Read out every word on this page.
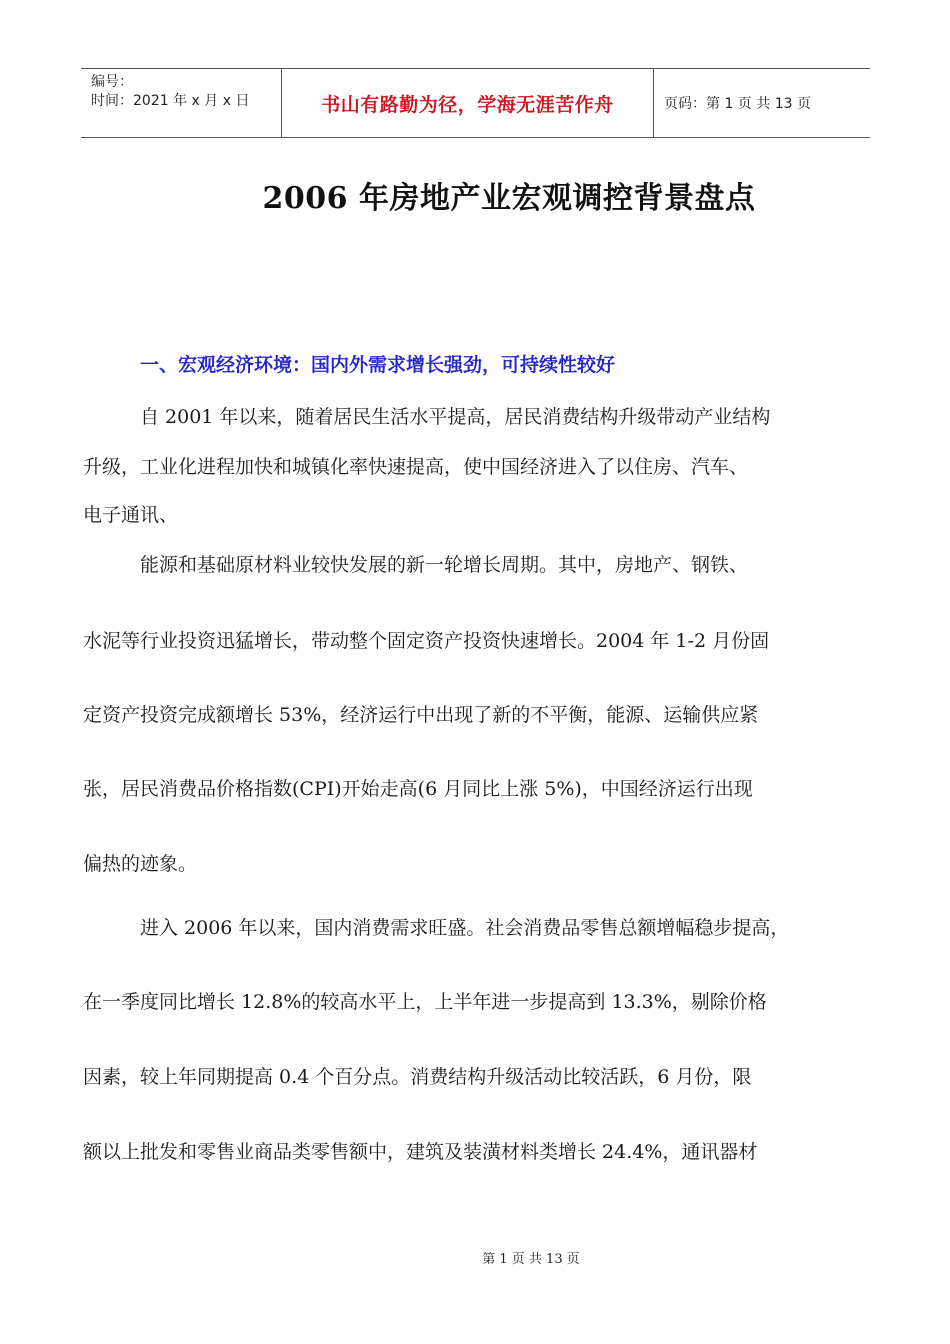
编号：
时间：2021 年 x 月 x 日	书山有路勤为径，学海无涯苦作舟	页码：第 1 页 共 13 页
2006 年房地产业宏观调控背景盘点
一、宏观经济环境：国内外需求增长强劲，可持续性较好
自 2001 年以来，随着居民生活水平提高，居民消费结构升级带动产业结构
升级，工业化进程加快和城镇化率快速提高，使中国经济进入了以住房、汽车、
电子通讯、
能源和基础原材料业较快发展的新一轮增长周期。其中，房地产、钢铁、
水泥等行业投资迅猛增长，带动整个固定资产投资快速增长。2004 年 1-2 月份固
定资产投资完成额增长 53%，经济运行中出现了新的不平衡，能源、运输供应紧
张，居民消费品价格指数(CPI)开始走高(6 月同比上涨 5%)，中国经济运行出现
偏热的迹象。
进入 2006 年以来，国内消费需求旺盛。社会消费品零售总额增幅稳步提高，
在一季度同比增长 12.8%的较高水平上，上半年进一步提高到 13.3%，剔除价格
因素，较上年同期提高 0.4 个百分点。消费结构升级活动比较活跃，6 月份，限
额以上批发和零售业商品类零售额中，建筑及装潢材料类增长 24.4%，通讯器材
第 1 页 共 13 页
